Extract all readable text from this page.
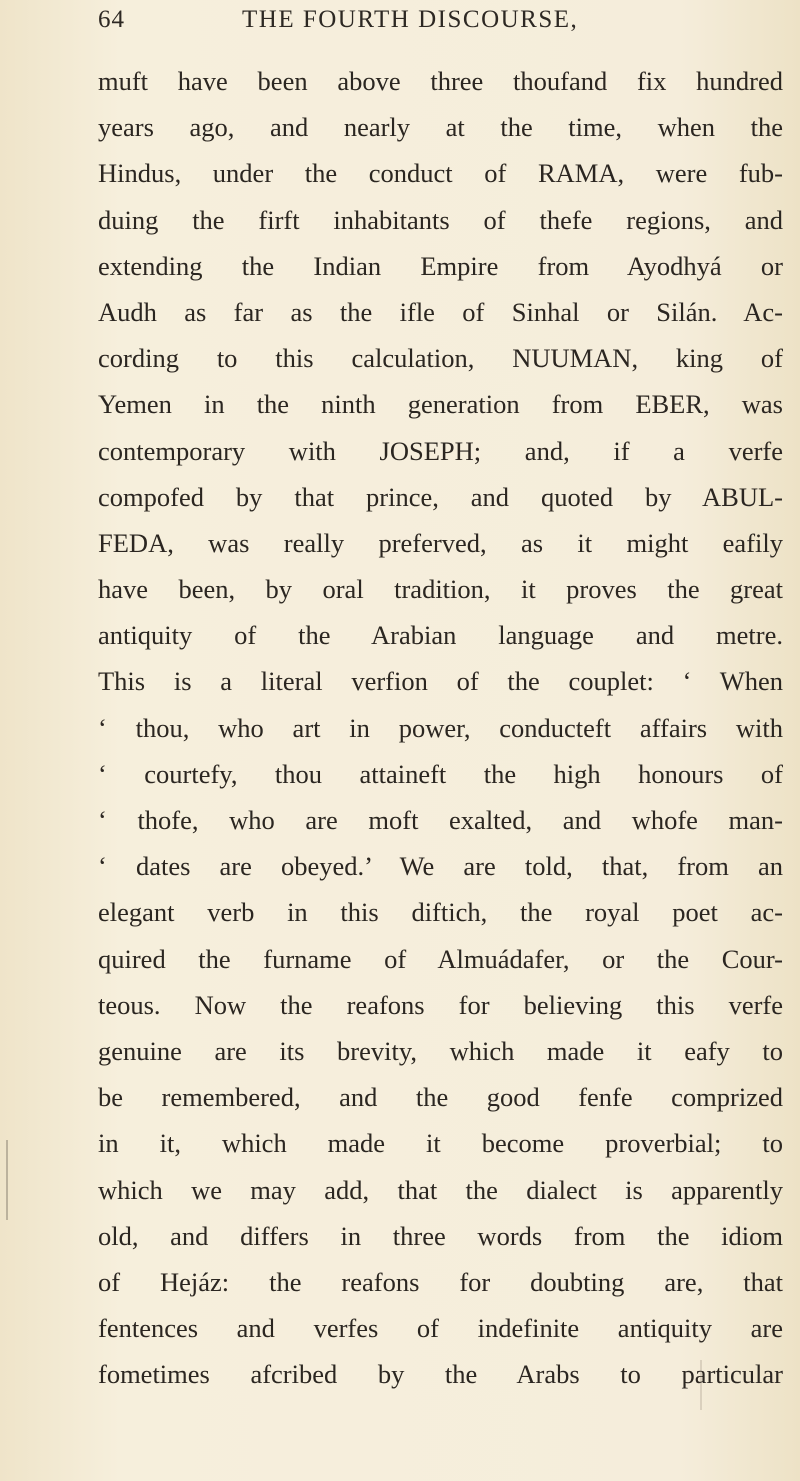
64	THE FOURTH DISCOURSE,
muft have been above three thoufand fix hundred
years ago, and nearly at the time, when the
Hindus, under the conduct of RAMA, were fub-
duing the firft inhabitants of thefe regions, and
extending the Indian Empire from Ayodhyá or
Audh as far as the ifle of Sinhal or Silán. Ac-
cording to this calculation, NUUMAN, king of
Yemen in the ninth generation from EBER, was
contemporary with JOSEPH; and, if a verfe
compofed by that prince, and quoted by ABUL-
FEDA, was really preferved, as it might eafily
have been, by oral tradition, it proves the great
antiquity of the Arabian language and metre.
This is a literal verfion of the couplet: ‘ When
‘ thou, who art in power, conducteft affairs with
‘ courtefy, thou attaineft the high honours of
‘ thofe, who are moft exalted, and whofe man-
‘ dates are obeyed.’ We are told, that, from an
elegant verb in this diftich, the royal poet ac-
quired the furname of Almuádafer, or the Cour-
teous. Now the reafons for believing this verfe
genuine are its brevity, which made it eafy to
be remembered, and the good fenfe comprized
in it, which made it become proverbial; to
which we may add, that the dialect is apparently
old, and differs in three words from the idiom
of Hejáz: the reafons for doubting are, that
fentences and verfes of indefinite antiquity are
fometimes afcribed by the Arabs to particular
